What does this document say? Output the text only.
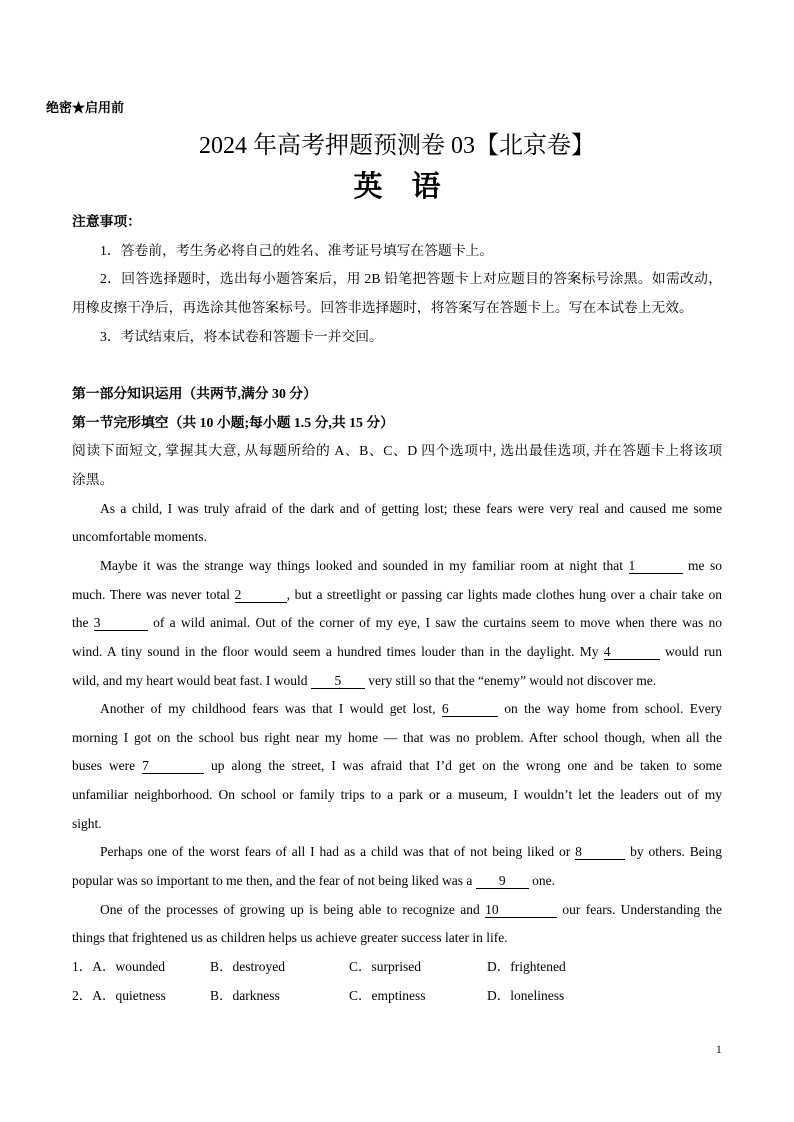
绝密★启用前
2024 年高考押题预测卷 03【北京卷】
英　语
注意事项：
1．答卷前，考生务必将自己的姓名、准考证号填写在答题卡上。
2．回答选择题时，选出每小题答案后，用 2B 铅笔把答题卡上对应题目的答案标号涂黑。如需改动，
用橡皮擦干净后，再选涂其他答案标号。回答非选择题时，将答案写在答题卡上。写在本试卷上无效。
3．考试结束后，将本试卷和答题卡一并交回。
第一部分知识运用（共两节,满分 30 分）
第一节完形填空（共 10 小题;每小题 1.5 分,共 15 分）
阅读下面短文, 掌握其大意, 从每题所给的 A、B、C、D 四个选项中, 选出最佳选项, 并在答题卡上将该项
涂黑。
As a child, I was truly afraid of the dark and of getting lost; these fears were very real and caused me some
uncomfortable moments.
Maybe it was the strange way things looked and sounded in my familiar room at night that 1	me so
much. There was never total 2	, but a streetlight or passing car lights made clothes hung over a chair take on
the 3	of a wild animal. Out of the corner of my eye, I saw the curtains seem to move when there was no
wind. A tiny sound in the floor would seem a hundred times louder than in the daylight. My 4	would run
wild, and my heart would beat fast. I would 5 very still so that the “enemy” would not discover me.
Another of my childhood fears was that I would get lost, 6	on the way home from school. Every
morning I got on the school bus right near my home — that was no problem. After school though, when all the
buses were 7	up along the street, I was afraid that I’d get on the wrong one and be taken to some
unfamiliar neighborhood. On school or family trips to a park or a museum, I wouldn’t let the leaders out of my
sight.
Perhaps one of the worst fears of all I had as a child was that of not being liked or 8	by others. Being
popular was so important to me then, and the fear of not being liked was a 9 one.
One of the processes of growing up is being able to recognize and 10	our fears. Understanding the
things that frightened us as children helps us achieve greater success later in life.
1．A．wounded	B．destroyed	C．surprised	D．frightened
2．A．quietness	B．darkness	C．emptiness	D．loneliness
1
